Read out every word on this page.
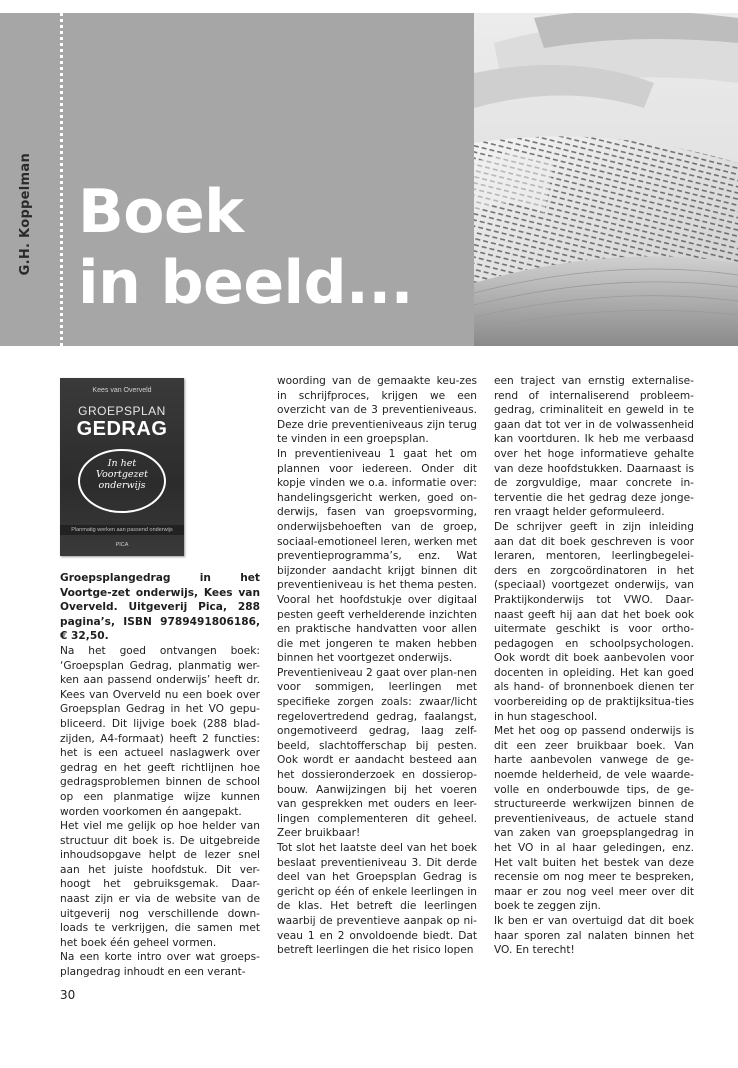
G.H. Koppelman Boek
in beeld...
Kees van Overveld
GROEPSPLAN
GEDRAG
In het
Voortgezet
onderwijs
Planmatig werken aan passend onderwijs
PICA

Groepsplangedrag in het Voortge-zet onderwijs, Kees van Overveld. Uitgeverij Pica, 288 pagina’s, ISBN 9789491806186, € 32,50.

Na het goed ontvangen boek: ‘Groepsplan Gedrag, planmatig wer-ken aan passend onderwijs’ heeft dr. Kees van Overveld nu een boek over Groepsplan Gedrag in het VO gepu-bliceerd. Dit lijvige boek (288 blad-zijden, A4-formaat) heeft 2 functies: het is een actueel naslagwerk over gedrag en het geeft richtlijnen hoe gedragsproblemen binnen de school op een planmatige wijze kunnen worden voorkomen én aangepakt.

Het viel me gelijk op hoe helder van structuur dit boek is. De uitgebreide inhoudsopgave helpt de lezer snel aan het juiste hoofdstuk. Dit ver-hoogt het gebruiksgemak. Daar-naast zijn er via de website van de uitgeverij nog verschillende down-loads te verkrijgen, die samen met het boek één geheel vormen.

Na een korte intro over wat groeps-plangedrag inhoudt en een verant-

woording van de gemaakte keu-zes in schrijfproces, krijgen we een overzicht van de 3 preventieniveaus. Deze drie preventieniveaus zijn terug te vinden in een groepsplan.

In preventieniveau 1 gaat het om plannen voor iedereen. Onder dit kopje vinden we o.a. informatie over: handelingsgericht werken, goed on-derwijs, fasen van groepsvorming, onderwijsbehoeften van de groep, sociaal-emotioneel leren, werken met preventieprogramma’s, enz. Wat bijzonder aandacht krijgt binnen dit preventieniveau is het thema pesten. Vooral het hoofdstukje over digitaal pesten geeft verhelderende inzichten en praktische handvatten voor allen die met jongeren te maken hebben binnen het voortgezet onderwijs.

Preventieniveau 2 gaat over plan-nen voor sommigen, leerlingen met specifieke zorgen zoals: zwaar/licht regelovertredend gedrag, faalangst, ongemotiveerd gedrag, laag zelf-beeld, slachtofferschap bij pesten. Ook wordt er aandacht besteed aan het dossieronderzoek en dossierop-bouw. Aanwijzingen bij het voeren van gesprekken met ouders en leer-lingen complementeren dit geheel. Zeer bruikbaar!

Tot slot het laatste deel van het boek beslaat preventieniveau 3. Dit derde deel van het Groepsplan Gedrag is gericht op één of enkele leerlingen in de klas. Het betreft die leerlingen waarbij de preventieve aanpak op ni-veau 1 en 2 onvoldoende biedt. Dat betreft leerlingen die het risico lopen

een traject van ernstig externalise-rend of internaliserend probleem-gedrag, criminaliteit en geweld in te gaan dat tot ver in de volwassenheid kan voortduren. Ik heb me verbaasd over het hoge informatieve gehalte van deze hoofdstukken. Daarnaast is de zorgvuldige, maar concrete in-terventie die het gedrag deze jonge-ren vraagt helder geformuleerd.

De schrijver geeft in zijn inleiding aan dat dit boek geschreven is voor leraren, mentoren, leerlingbegelei-ders en zorgcoördinatoren in het (speciaal) voortgezet onderwijs, van Praktijkonderwijs tot VWO. Daar-naast geeft hij aan dat het boek ook uitermate geschikt is voor ortho-pedagogen en schoolpsychologen. Ook wordt dit boek aanbevolen voor docenten in opleiding. Het kan goed als hand- of bronnenboek dienen ter voorbereiding op de praktijksitua-ties in hun stageschool.

Met het oog op passend onderwijs is dit een zeer bruikbaar boek. Van harte aanbevolen vanwege de ge-noemde helderheid, de vele waarde-volle en onderbouwde tips, de ge-structureerde werkwijzen binnen de preventieniveaus, de actuele stand van zaken van groepsplangedrag in het VO in al haar geledingen, enz. Het valt buiten het bestek van deze recensie om nog meer te bespreken, maar er zou nog veel meer over dit boek te zeggen zijn.

Ik ben er van overtuigd dat dit boek haar sporen zal nalaten binnen het VO. En terecht!

30
